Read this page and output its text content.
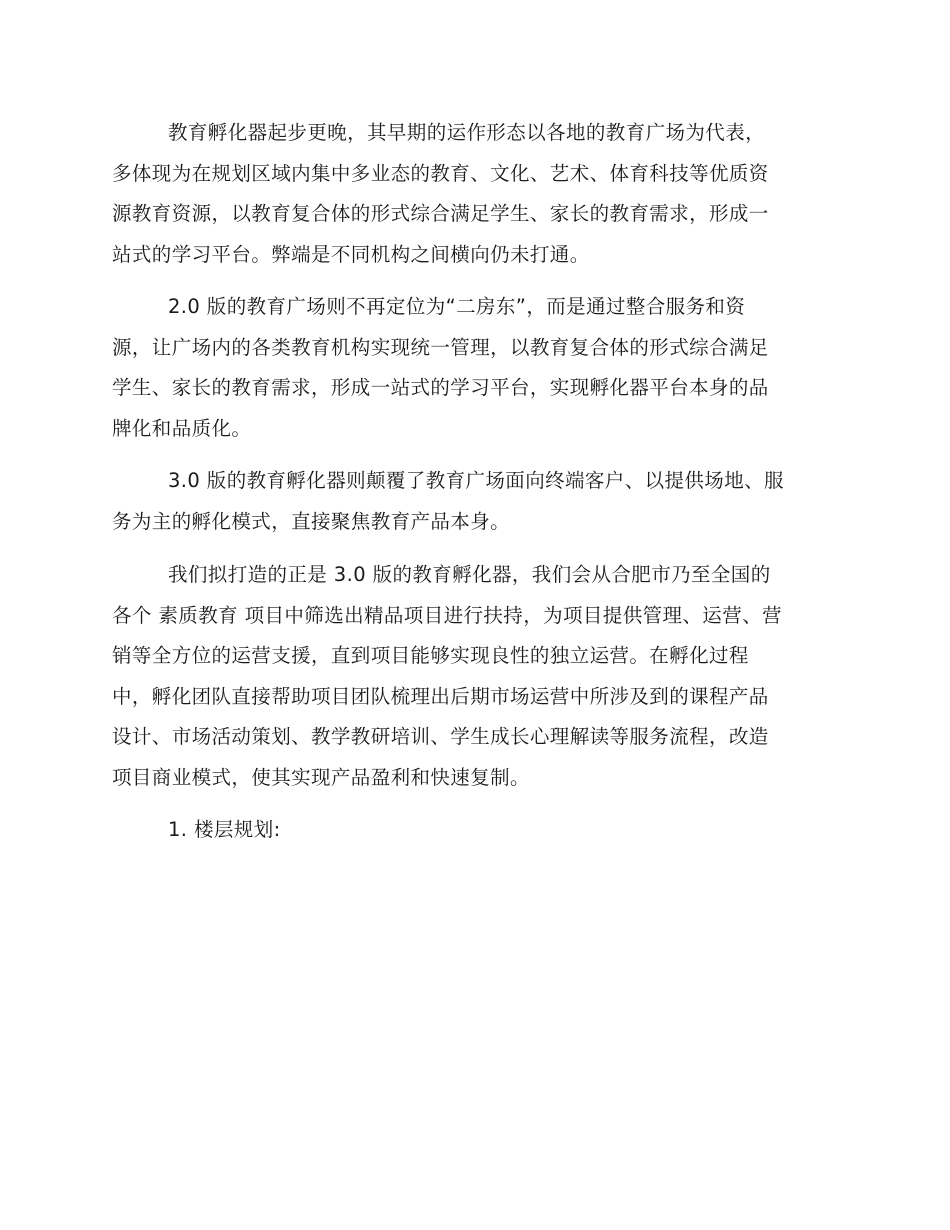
教育孵化器起步更晚，其早期的运作形态以各地的教育广场为代表，
多体现为在规划区域内集中多业态的教育、文化、艺术、体育科技等优质资
源教育资源，以教育复合体的形式综合满足学生、家长的教育需求，形成一
站式的学习平台。弊端是不同机构之间横向仍未打通。
2.0 版的教育广场则不再定位为“二房东”，而是通过整合服务和资
源，让广场内的各类教育机构实现统一管理，以教育复合体的形式综合满足
学生、家长的教育需求，形成一站式的学习平台，实现孵化器平台本身的品
牌化和品质化。
3.0 版的教育孵化器则颠覆了教育广场面向终端客户、以提供场地、服
务为主的孵化模式，直接聚焦教育产品本身。
我们拟打造的正是 3.0 版的教育孵化器，我们会从合肥市乃至全国的
各个 素质教育 项目中筛选出精品项目进行扶持，为项目提供管理、运营、营
销等全方位的运营支援，直到项目能够实现良性的独立运营。在孵化过程
中，孵化团队直接帮助项目团队梳理出后期市场运营中所涉及到的课程产品
设计、市场活动策划、教学教研培训、学生成长心理解读等服务流程，改造
项目商业模式，使其实现产品盈利和快速复制。
1. 楼层规划:
